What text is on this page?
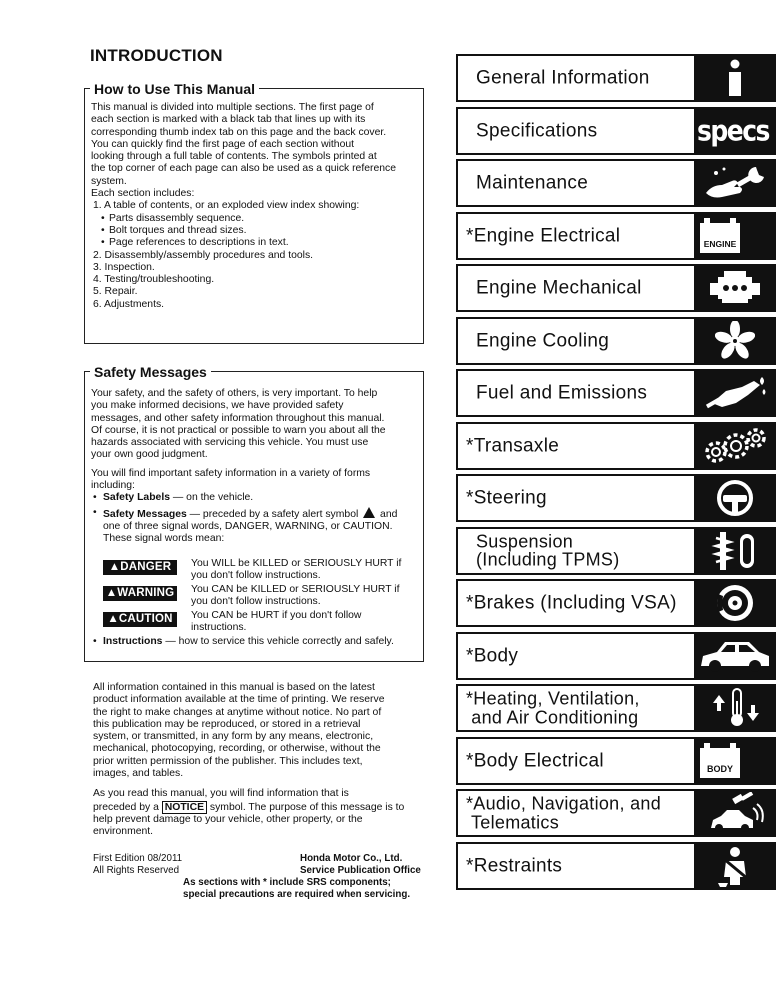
INTRODUCTION
How to Use This Manual

This manual is divided into multiple sections. The first page of

each section is marked with a black tab that lines up with its

corresponding thumb index tab on this page and the back cover.

You can quickly find the first page of each section without

looking through a full table of contents. The symbols printed at

the top corner of each page can also be used as a quick reference

system.

Each section includes:

1. A table of contents, or an exploded view index showing:

• Parts disassembly sequence.

• Bolt torques and thread sizes.

• Page references to descriptions in text.

2. Disassembly/assembly procedures and tools.

3. Inspection.

4. Testing/troubleshooting.

5. Repair.

6. Adjustments.

Safety Messages

Your safety, and the safety of others, is very important. To help

you make informed decisions, we have provided safety

messages, and other safety information throughout this manual.

Of course, it is not practical or possible to warn you about all the

hazards associated with servicing this vehicle. You must use

your own good judgment.

You will find important safety information in a variety of forms

including:

• Safety Labels — on the vehicle.

• Safety Messages — preceded by a safety alert symbol  and

one of three signal words, DANGER, WARNING, or CAUTION.

These signal words mean:

▲DANGER	You WILL be KILLED or SERIOUSLY HURT if

you don't follow instructions.

▲WARNING You CAN be KILLED or SERIOUSLY HURT if

you don't follow instructions.

▲CAUTION	You CAN be HURT if you don't follow

instructions.

• Instructions — how to service this vehicle correctly and safely.

All information contained in this manual is based on the latest

product information available at the time of printing. We reserve

the right to make changes at anytime without notice. No part of

this publication may be reproduced, or stored in a retrieval

system, or transmitted, in any form by any means, electronic,

mechanical, photocopying, recording, or otherwise, without the

prior written permission of the publisher. This includes text,

images, and tables.

As you read this manual, you will find information that is

preceded by a NOTICE symbol. The purpose of this message is to

help prevent damage to your vehicle, other property, or the

environment.

First Edition 08/2011

All Rights Reserved

Honda Motor Co., Ltd.

Service Publication Office

As sections with * include SRS components;

special precautions are required when servicing.

General Information
Specifications	specs
Maintenance
*Engine Electrical	ENGINE
Engine Mechanical
Engine Cooling
Fuel and Emissions
*Transaxle
*Steering
Suspension
(Including TPMS)
*Brakes (Including VSA)
*Body
*Heating, Ventilation,
and Air Conditioning
*Body Electrical	BODY
*Audio, Navigation, and
Telematics
*Restraints
